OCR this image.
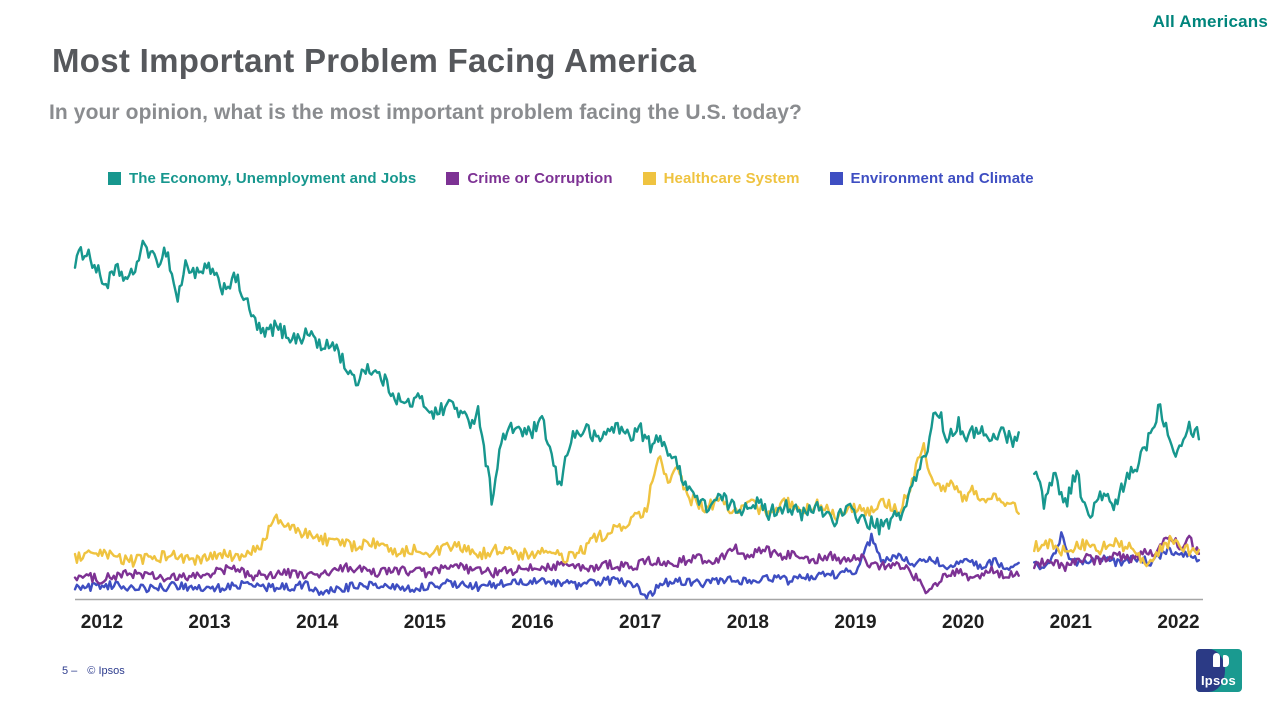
All Americans
Most Important Problem Facing America
In your opinion, what is the most important problem facing the U.S. today?
The Economy, Unemployment and Jobs	Crime or Corruption	Healthcare System	Environment and Climate
2012	2013	2014	2015	2016	2017	2018	2019	2020	2021	2022
5 – © Ipsos
Ipsos
